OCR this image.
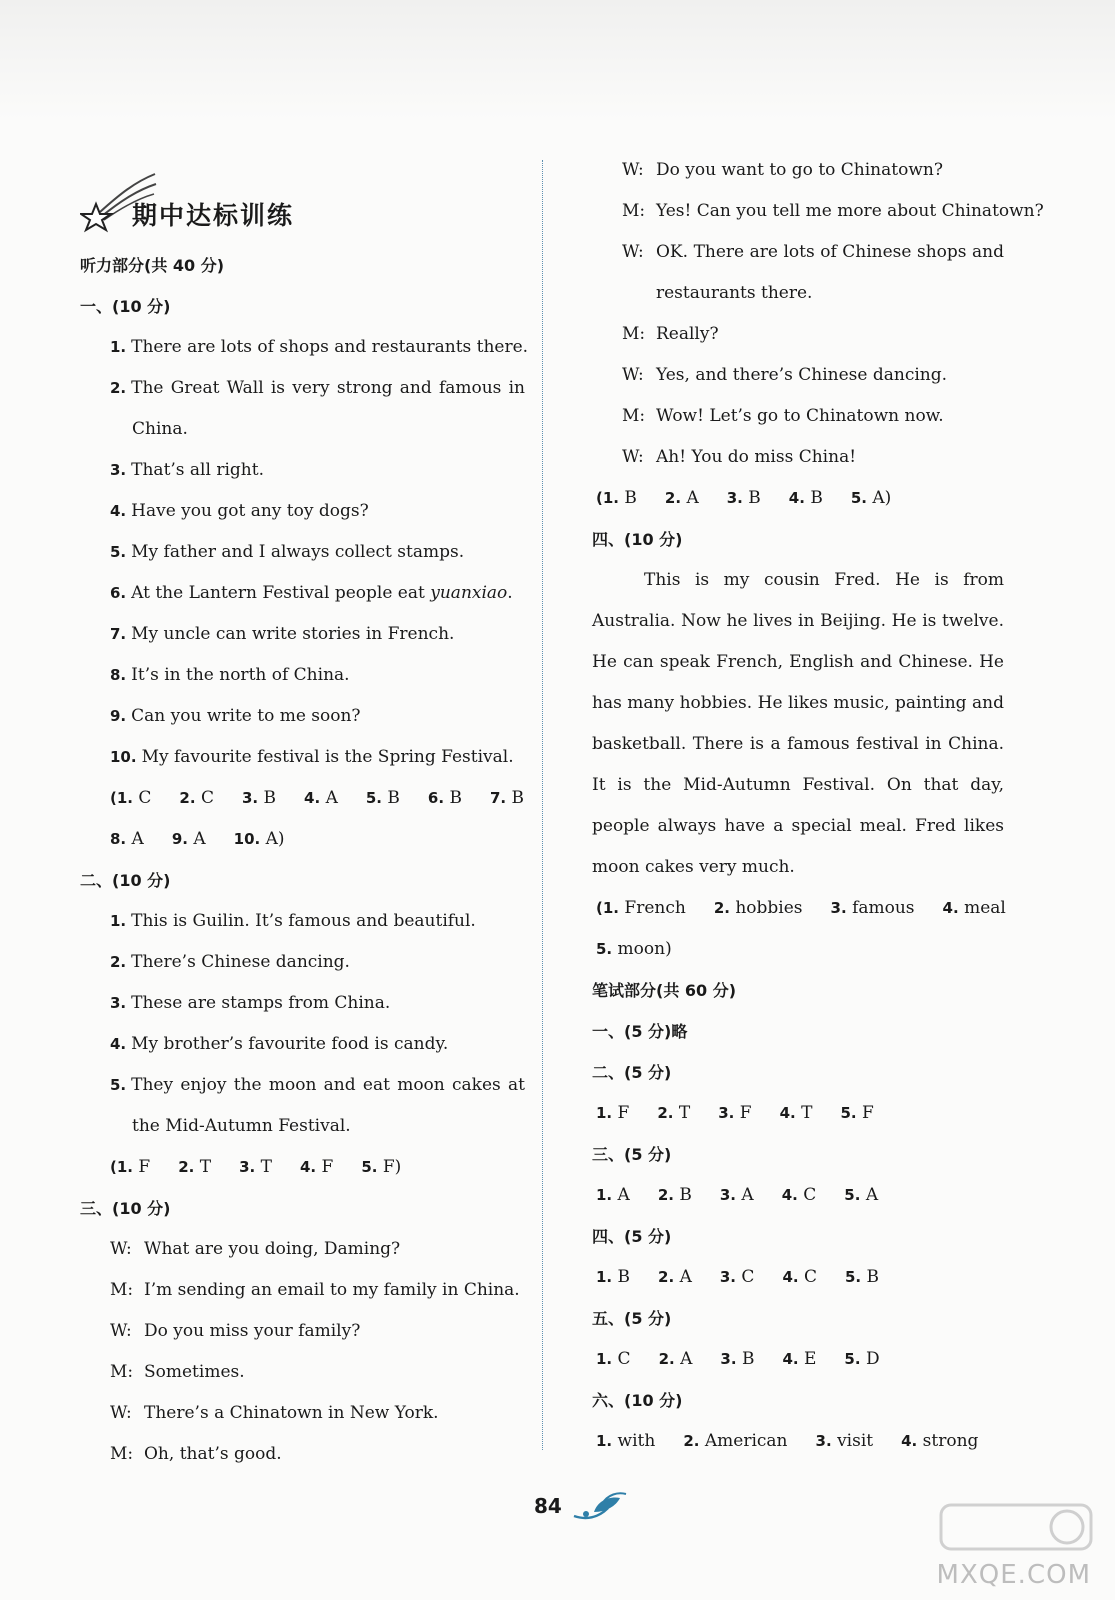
期中达标训练
听力部分(共 40 分)
一、(10 分)
1. There are lots of shops and restaurants there.
2. The Great Wall is very strong and famous in
China.
3. That’s all right.
4. Have you got any toy dogs?
5. My father and I always collect stamps.
6. At the Lantern Festival people eat yuanxiao.
7. My uncle can write stories in French.
8. It’s in the north of China.
9. Can you write to me soon?
10. My favourite festival is the Spring Festival.
(1. C 2. C 3. B 4. A 5. B 6. B 7. B
8. A 9. A 10. A)
二、(10 分)
1. This is Guilin. It’s famous and beautiful.
2. There’s Chinese dancing.
3. These are stamps from China.
4. My brother’s favourite food is candy.
5. They enjoy the moon and eat moon cakes at
the Mid-Autumn Festival.
(1. F 2. T 3. T 4. F 5. F)
三、(10 分)
W: What are you doing, Daming?
M: I’m sending an email to my family in China.
W: Do you miss your family?
M: Sometimes.
W: There’s a Chinatown in New York.
M: Oh, that’s good.
W: Do you want to go to Chinatown?
M: Yes! Can you tell me more about Chinatown?
W: OK. There are lots of Chinese shops and
restaurants there.
M: Really?
W: Yes, and there’s Chinese dancing.
M: Wow! Let’s go to Chinatown now.
W: Ah! You do miss China!
(1. B 2. A 3. B 4. B 5. A)
四、(10 分)
This is my cousin Fred. He is from
Australia. Now he lives in Beijing. He is twelve.
He can speak French, English and Chinese. He
has many hobbies. He likes music, painting and
basketball. There is a famous festival in China.
It is the Mid-Autumn Festival. On that day,
people always have a special meal. Fred likes
moon cakes very much.
(1. French 2. hobbies 3. famous 4. meal
5. moon)
笔试部分(共 60 分)
一、(5 分)略
二、(5 分)
1. F 2. T 3. F 4. T 5. F
三、(5 分)
1. A 2. B 3. A 4. C 5. A
四、(5 分)
1. B 2. A 3. C 4. C 5. B
五、(5 分)
1. C 2. A 3. B 4. E 5. D
六、(10 分)
1. with 2. American 3. visit 4. strong
84
MXQE.COM
